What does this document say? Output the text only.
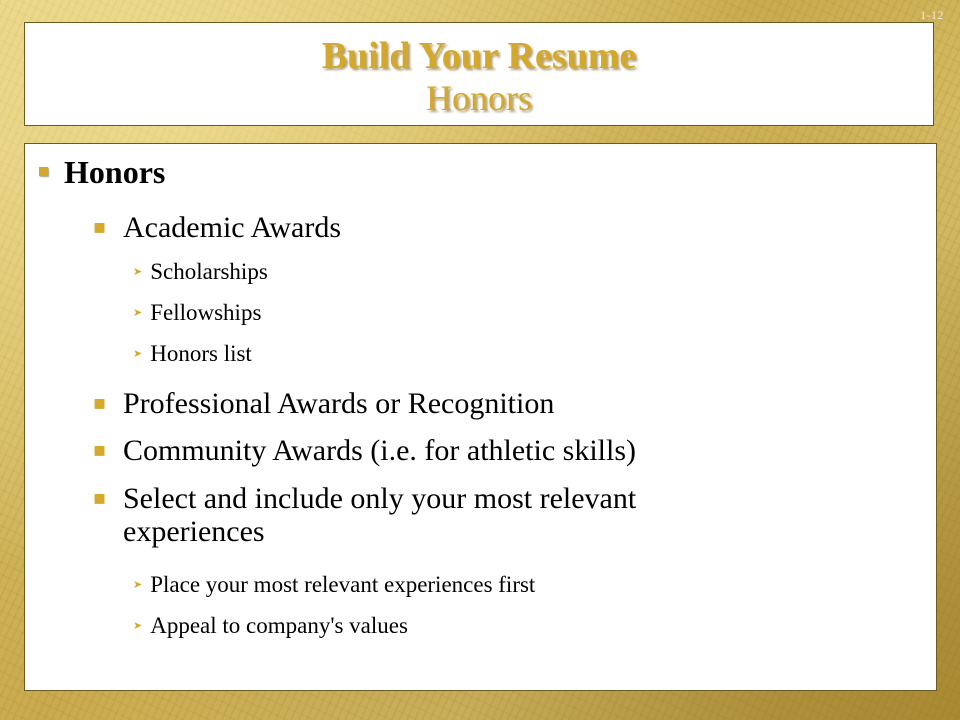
1-12
Build Your Resume
Honors
Honors
Academic Awards
➤ Scholarships
➤ Fellowships
➤ Honors list
Professional Awards or Recognition
Community Awards (i.e. for athletic skills)
Select and include only your most relevant experiences
➤ Place your most relevant experiences first
➤ Appeal to company's values
